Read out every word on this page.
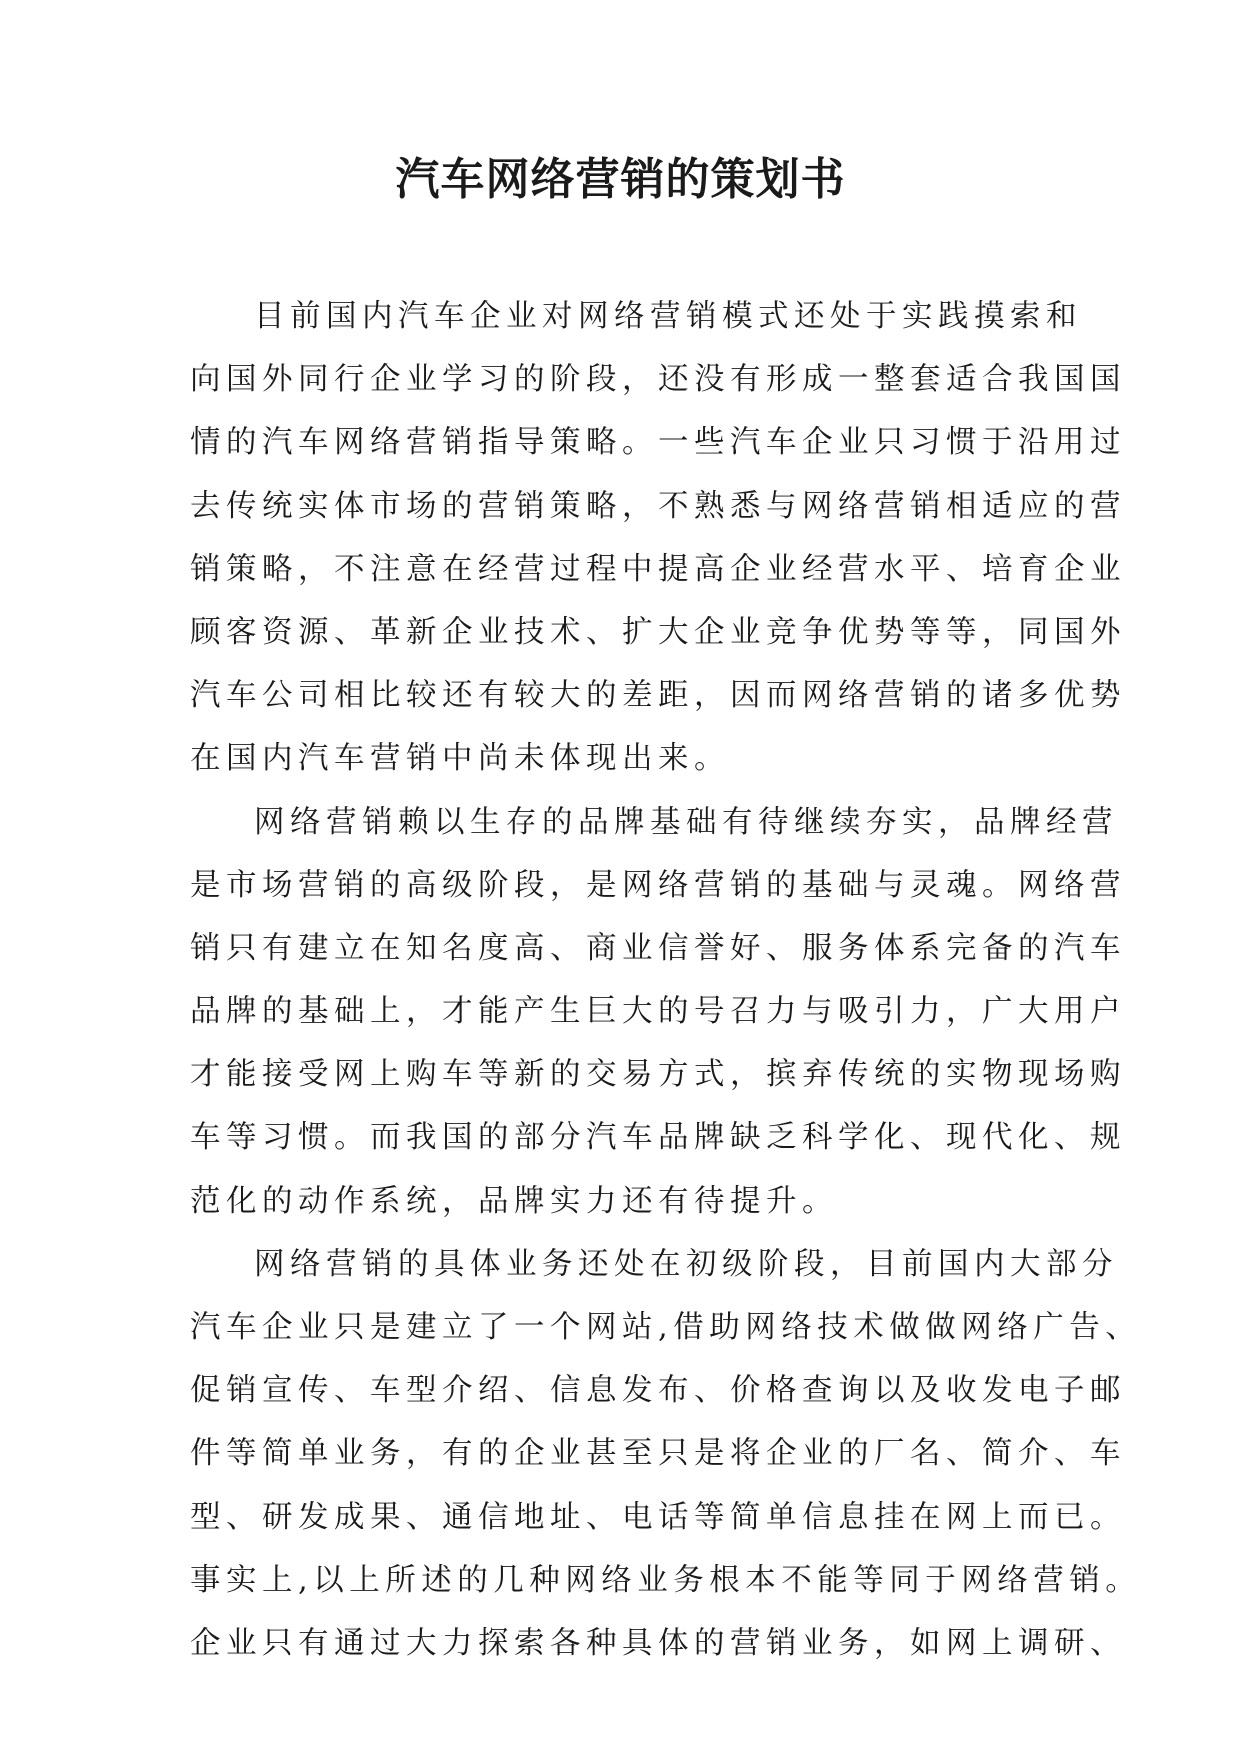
汽车网络营销的策划书
目前国内汽车企业对网络营销模式还处于实践摸索和
向国外同行企业学习的阶段，还没有形成一整套适合我国国
情的汽车网络营销指导策略。一些汽车企业只习惯于沿用过
去传统实体市场的营销策略，不熟悉与网络营销相适应的营
销策略，不注意在经营过程中提高企业经营水平、培育企业
顾客资源、革新企业技术、扩大企业竞争优势等等，同国外
汽车公司相比较还有较大的差距，因而网络营销的诸多优势
在国内汽车营销中尚未体现出来。
网络营销赖以生存的品牌基础有待继续夯实，品牌经营
是市场营销的高级阶段，是网络营销的基础与灵魂。网络营
销只有建立在知名度高、商业信誉好、服务体系完备的汽车
品牌的基础上，才能产生巨大的号召力与吸引力，广大用户
才能接受网上购车等新的交易方式，摈弃传统的实物现场购
车等习惯。而我国的部分汽车品牌缺乏科学化、现代化、规
范化的动作系统，品牌实力还有待提升。
网络营销的具体业务还处在初级阶段，目前国内大部分
汽车企业只是建立了一个网站,借助网络技术做做网络广告、
促销宣传、车型介绍、信息发布、价格查询以及收发电子邮
件等简单业务，有的企业甚至只是将企业的厂名、简介、车
型、研发成果、通信地址、电话等简单信息挂在网上而已。
事实上,以上所述的几种网络业务根本不能等同于网络营销。
企业只有通过大力探索各种具体的营销业务，如网上调研、
